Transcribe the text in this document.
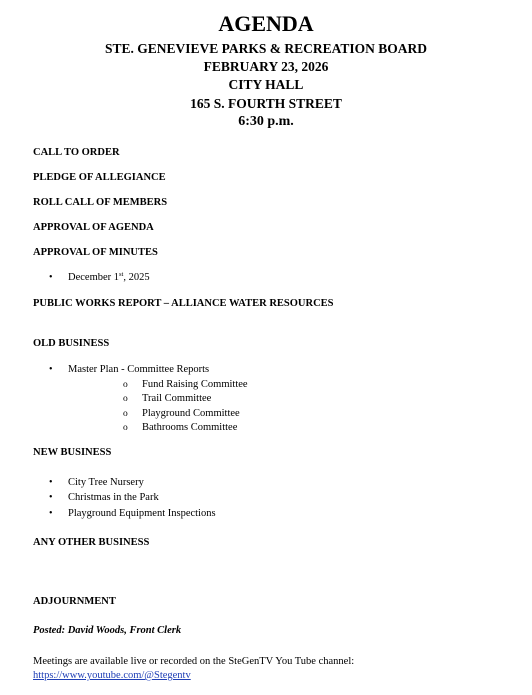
AGENDA
STE. GENEVIEVE PARKS & RECREATION BOARD
FEBRUARY 23, 2026
CITY HALL
165 S. FOURTH STREET
6:30 p.m.
CALL TO ORDER
PLEDGE OF ALLEGIANCE
ROLL CALL OF MEMBERS
APPROVAL OF AGENDA
APPROVAL OF MINUTES
• December 1st, 2025
PUBLIC WORKS REPORT – ALLIANCE WATER RESOURCES
OLD BUSINESS
• Master Plan - Committee Reports
o Fund Raising Committee
o Trail Committee
o Playground Committee
o Bathrooms Committee
NEW BUSINESS
• City Tree Nursery
• Christmas in the Park
• Playground Equipment Inspections
ANY OTHER BUSINESS
ADJOURNMENT
Posted: David Woods, Front Clerk
Meetings are available live or recorded on the SteGenTV You Tube channel:
https://www.youtube.com/@Stegentv
